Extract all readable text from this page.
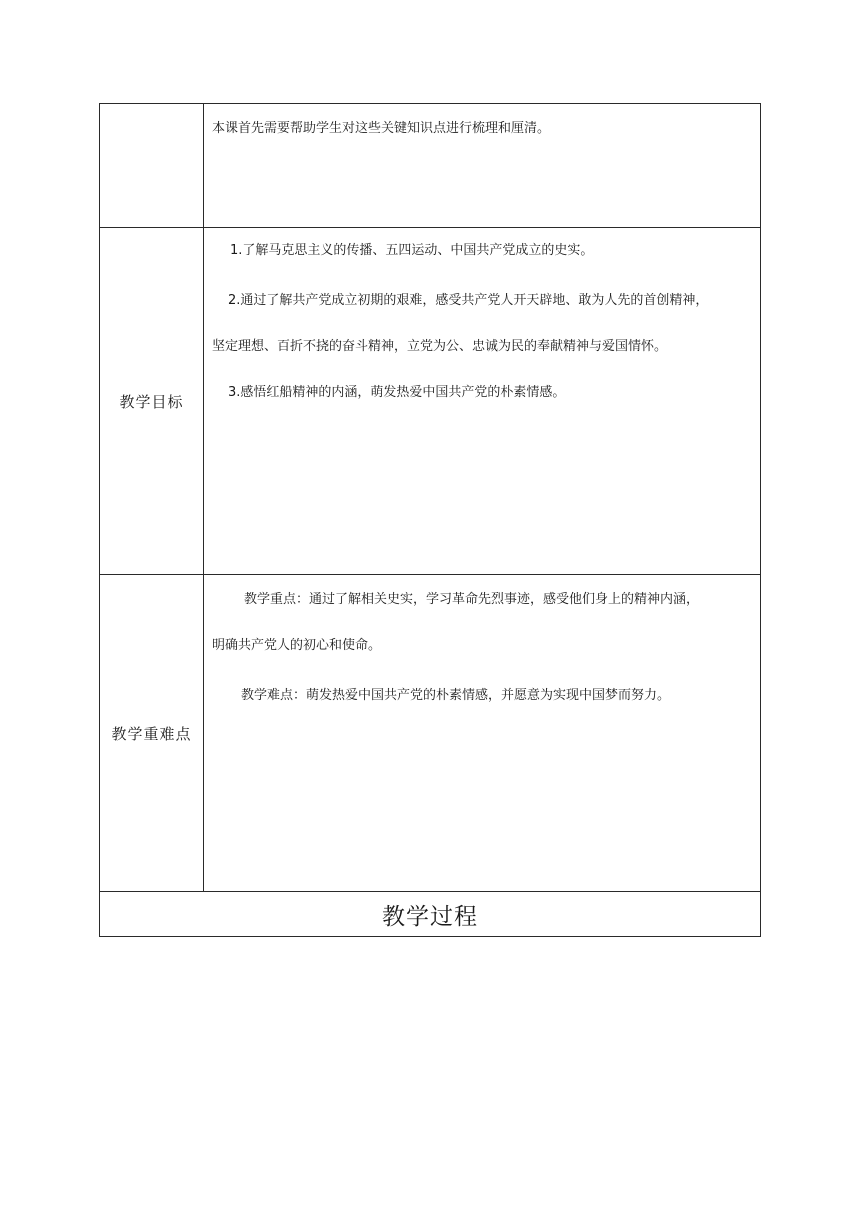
	本课首先需要帮助学生对这些关键知识点进行梳理和厘清。

教学目标	1.了解马克思主义的传播、五四运动、中国共产党成立的史实。

2.通过了解共产党成立初期的艰难，感受共产党人开天辟地、敢为人先的首创精神，

坚定理想、百折不挠的奋斗精神，立党为公、忠诚为民的奉献精神与爱国情怀。

3.感悟红船精神的内涵，萌发热爱中国共产党的朴素情感。

教学重难点	教学重点：通过了解相关史实，学习革命先烈事迹，感受他们身上的精神内涵，

明确共产党人的初心和使命。

教学难点：萌发热爱中国共产党的朴素情感，并愿意为实现中国梦而努力。

教学过程	
